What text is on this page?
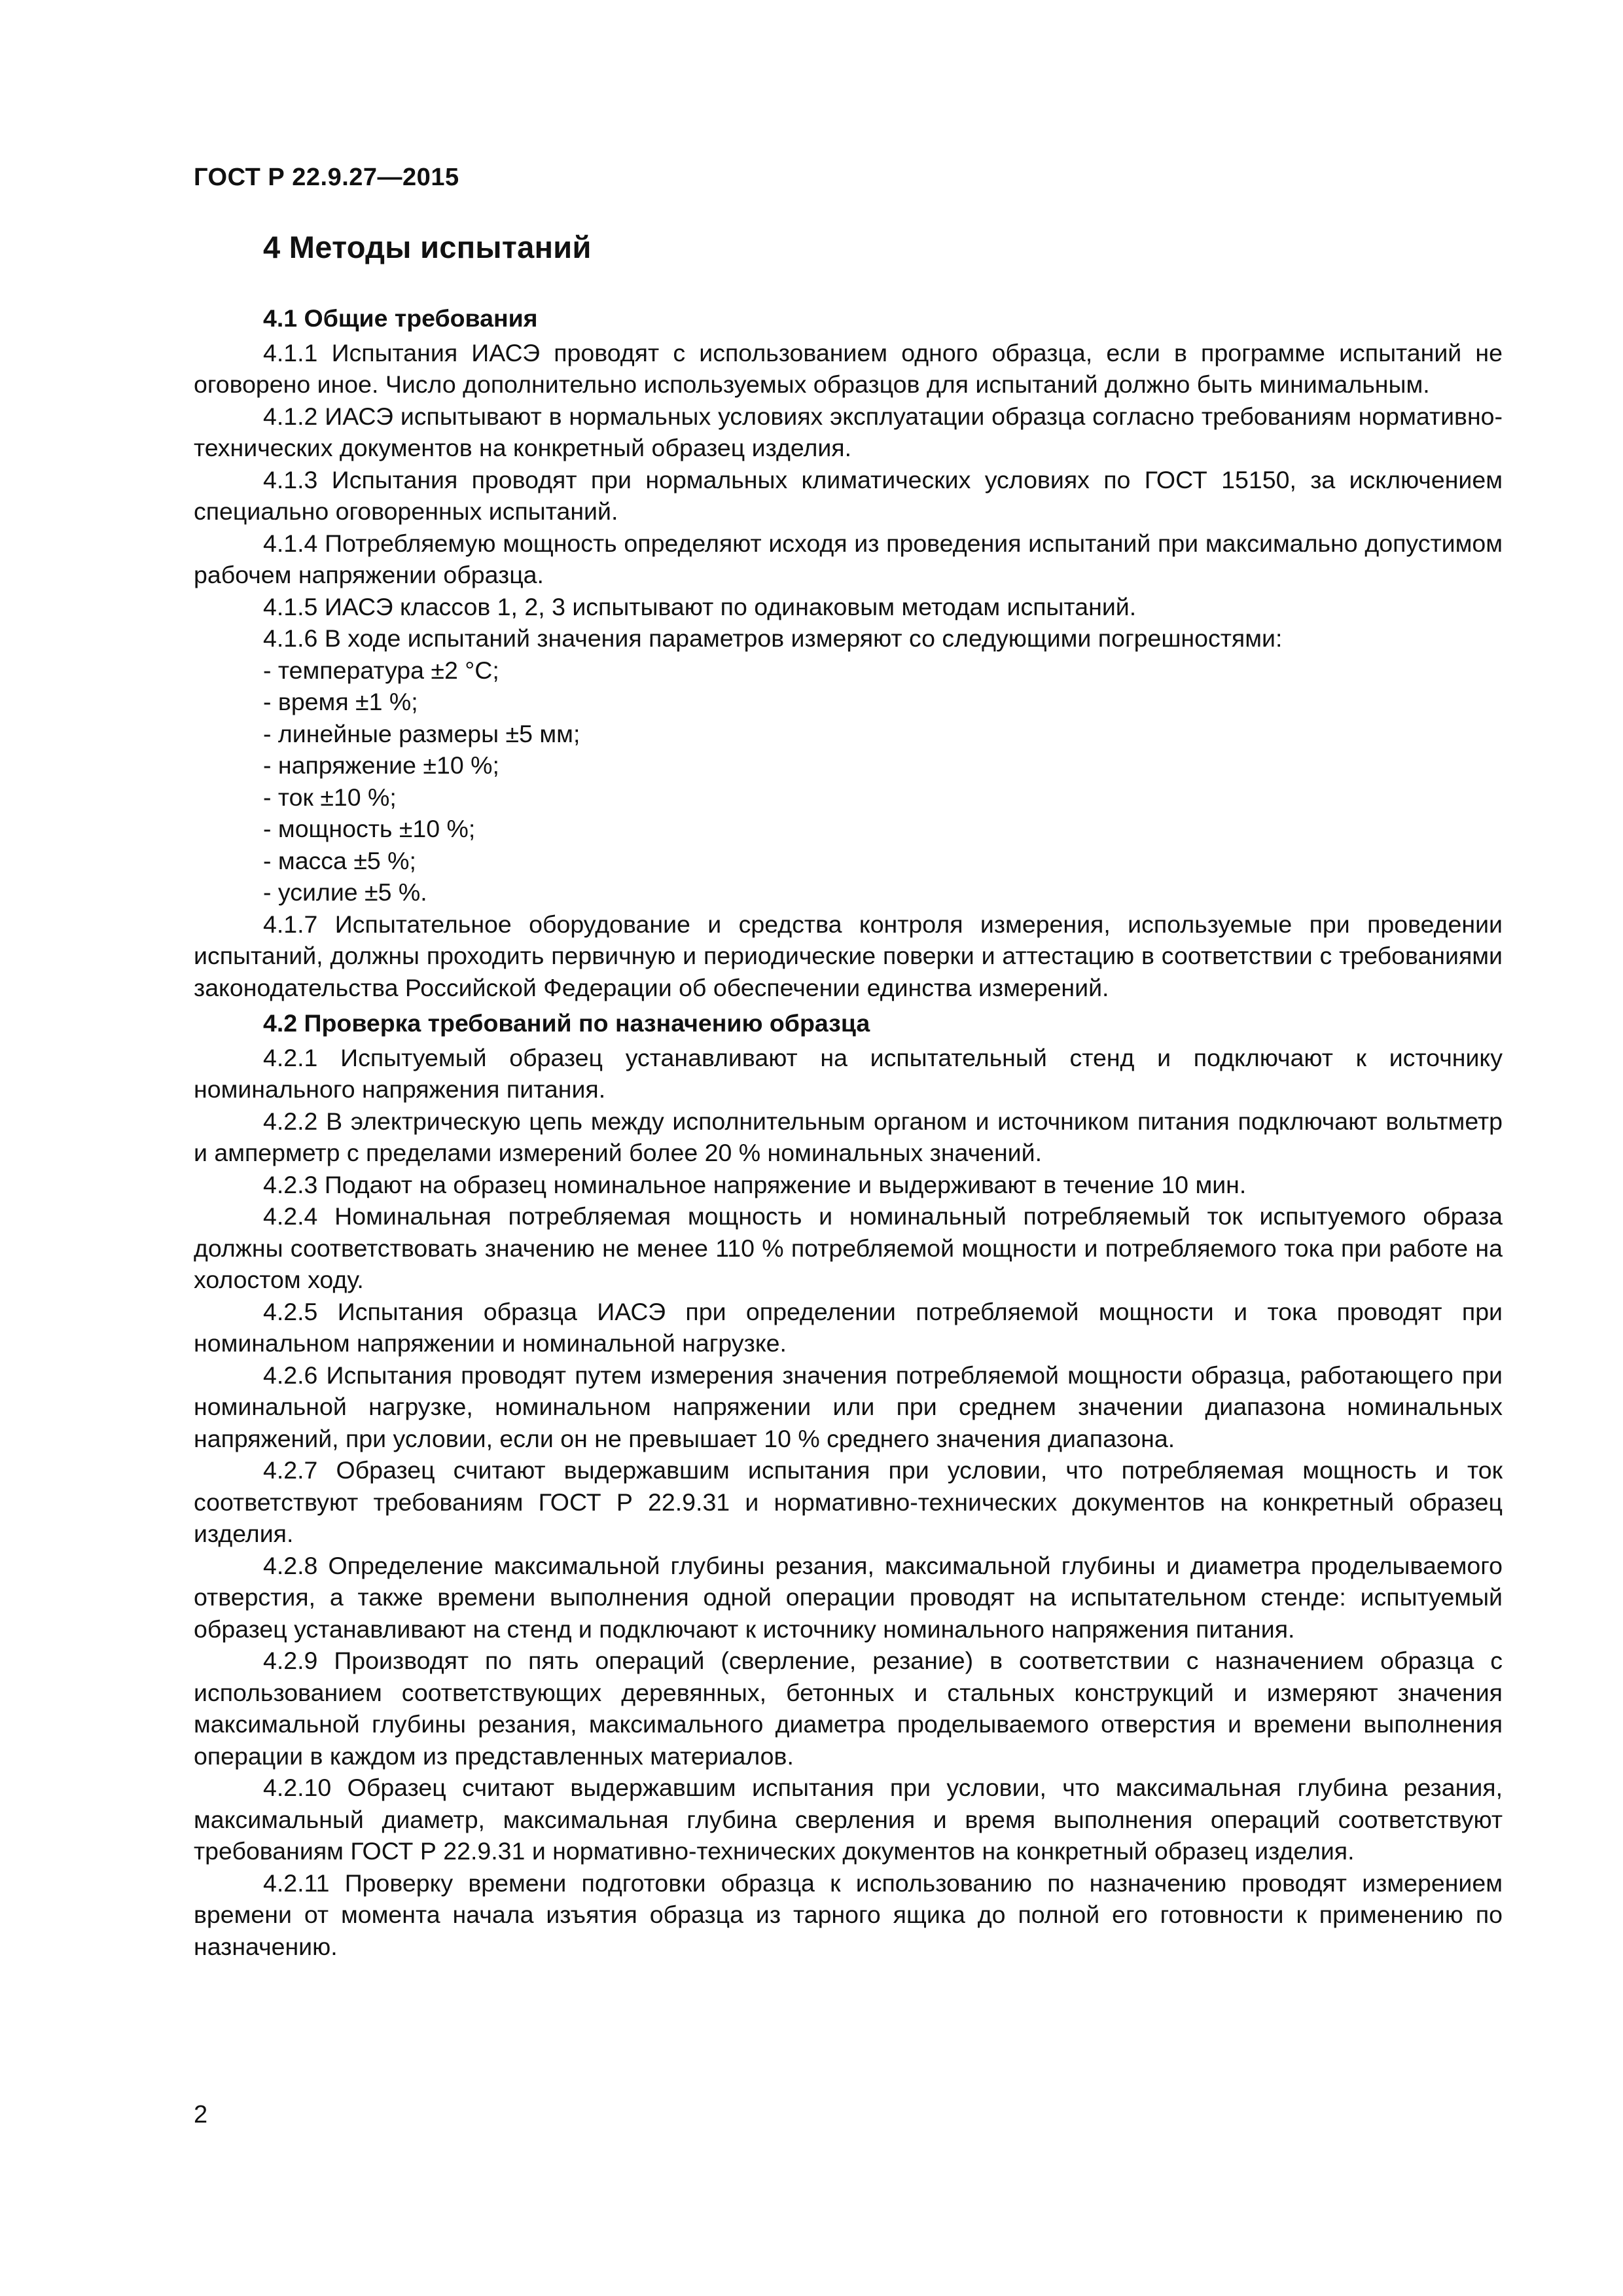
ГОСТ Р 22.9.27—2015
4 Методы испытаний

4.1 Общие требования

4.1.1 Испытания ИАСЭ проводят с использованием одного образца, если в программе испытаний не оговорено иное. Число дополнительно используемых образцов для испытаний должно быть минимальным.

4.1.2 ИАСЭ испытывают в нормальных условиях эксплуатации образца согласно требованиям нормативно-технических документов на конкретный образец изделия.

4.1.3 Испытания проводят при нормальных климатических условиях по ГОСТ 15150, за исключением специально оговоренных испытаний.

4.1.4 Потребляемую мощность определяют исходя из проведения испытаний при максимально допустимом рабочем напряжении образца.

4.1.5 ИАСЭ классов 1, 2, 3 испытывают по одинаковым методам испытаний.

4.1.6 В ходе испытаний значения параметров измеряют со следующими погрешностями:

- температура ±2 °С;

- время ±1 %;

- линейные размеры ±5 мм;

- напряжение ±10 %;

- ток ±10 %;

- мощность ±10 %;

- масса ±5 %;

- усилие ±5 %.

4.1.7 Испытательное оборудование и средства контроля измерения, используемые при проведении испытаний, должны проходить первичную и периодические поверки и аттестацию в соответствии с требованиями законодательства Российской Федерации об обеспечении единства измерений.

4.2 Проверка требований по назначению образца

4.2.1 Испытуемый образец устанавливают на испытательный стенд и подключают к источнику номинального напряжения питания.

4.2.2 В электрическую цепь между исполнительным органом и источником питания подключают вольтметр и амперметр с пределами измерений более 20 % номинальных значений.

4.2.3 Подают на образец номинальное напряжение и выдерживают в течение 10 мин.

4.2.4 Номинальная потребляемая мощность и номинальный потребляемый ток испытуемого образа должны соответствовать значению не менее 110 % потребляемой мощности и потребляемого тока при работе на холостом ходу.

4.2.5 Испытания образца ИАСЭ при определении потребляемой мощности и тока проводят при номинальном напряжении и номинальной нагрузке.

4.2.6 Испытания проводят путем измерения значения потребляемой мощности образца, работающего при номинальной нагрузке, номинальном напряжении или при среднем значении диапазона номинальных напряжений, при условии, если он не превышает 10 % среднего значения диапазона.

4.2.7 Образец считают выдержавшим испытания при условии, что потребляемая мощность и ток соответствуют требованиям ГОСТ Р 22.9.31 и нормативно-технических документов на конкретный образец изделия.

4.2.8 Определение максимальной глубины резания, максимальной глубины и диаметра проделываемого отверстия, а также времени выполнения одной операции проводят на испытательном стенде: испытуемый образец устанавливают на стенд и подключают к источнику номинального напряжения питания.

4.2.9 Производят по пять операций (сверление, резание) в соответствии с назначением образца с использованием соответствующих деревянных, бетонных и стальных конструкций и измеряют значения максимальной глубины резания, максимального диаметра проделываемого отверстия и времени выполнения операции в каждом из представленных материалов.

4.2.10 Образец считают выдержавшим испытания при условии, что максимальная глубина резания, максимальный диаметр, максимальная глубина сверления и время выполнения операций соответствуют требованиям ГОСТ Р 22.9.31 и нормативно-технических документов на конкретный образец изделия.

4.2.11 Проверку времени подготовки образца к использованию по назначению проводят измерением времени от момента начала изъятия образца из тарного ящика до полной его готовности к применению по назначению.

2
